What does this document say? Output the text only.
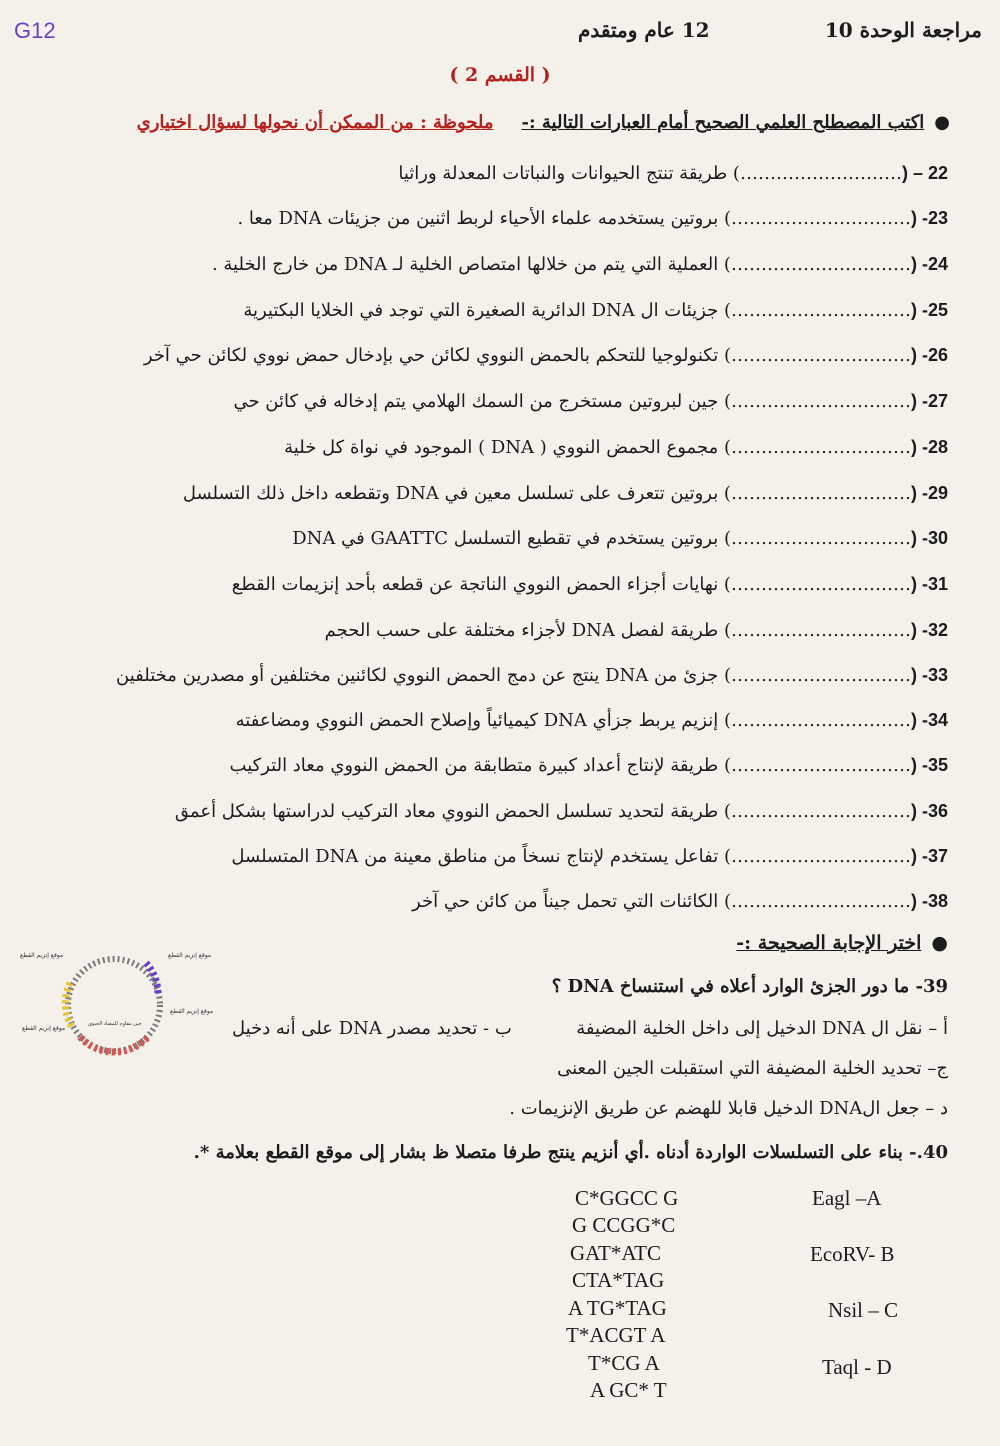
G12	12 عام ومتقدم	مراجعة الوحدة 10
( القسم 2 )
●اكتب المصطلح العلمي الصحيح أمام العبارات التالية :-ملحوظة : من الممكن أن نحولها لسؤال اختياري
22 – (………………………) طريقة تنتج الحيوانات والنباتات المعدلة وراثيا
23- (…………………………) بروتين يستخدمه علماء الأحياء لربط اثنين من جزيئات DNA معا .
24- (…………………………) العملية التي يتم من خلالها امتصاص الخلية لـ DNA من خارج الخلية .
25- (…………………………) جزيئات ال DNA الدائرية الصغيرة التي توجد في الخلايا البكتيرية
26- (…………………………) تكنولوجيا للتحكم بالحمض النووي لكائن حي بإدخال حمض نووي لكائن حي آخر
27- (…………………………) جين لبروتين مستخرج من السمك الهلامي يتم إدخاله في كائن حي
28- (…………………………) مجموع الحمض النووي ( DNA ) الموجود في نواة كل خلية
29- (…………………………) بروتين تتعرف على تسلسل معين في DNA وتقطعه داخل ذلك التسلسل
30- (…………………………) بروتين يستخدم في تقطيع التسلسل GAATTC في DNA
31- (…………………………) نهايات أجزاء الحمض النووي الناتجة عن قطعه بأحد إنزيمات القطع
32- (…………………………) طريقة لفصل DNA لأجزاء مختلفة على حسب الحجم
33- (…………………………) جزئ من DNA ينتج عن دمج الحمض النووي لكائنين مختلفين أو مصدرين مختلفين
34- (…………………………) إنزيم يربط جزأي DNA كيميائياً وإصلاح الحمض النووي ومضاعفته
35- (…………………………) طريقة لإنتاج أعداد كبيرة متطابقة من الحمض النووي معاد التركيب
36- (…………………………) طريقة لتحديد تسلسل الحمض النووي معاد التركيب لدراستها بشكل أعمق
37- (…………………………) تفاعل يستخدم لإنتاج نسخاً من مناطق معينة من DNA المتسلسل
38- (…………………………) الكائنات التي تحمل جيناً من كائن حي آخر
موقع إنزيم القطع
موقع إنزيم القطع
موقع إنزيم القطع
موقع إنزيم القطع
جين مقاوم للمضاد الحيوي
●اختر الإجابة الصحيحة :-
39- ما دور الجزئ الوارد أعلاه في استنساخ DNA ؟
أ – نقل ال DNA الدخيل إلى داخل الخلية المضيفة
ب - تحديد مصدر DNA على أنه دخيل
ج– تحديد الخلية المضيفة التي استقبلت الجين المعنى
د – جعل الDNA الدخيل قابلا للهضم عن طريق الإنزيمات .
40.- بناء على التسلسلات الواردة أدناه .أي أنزيم ينتج طرفا متصلا ظ بشار إلى موقع القطع بعلامة *.
Eagl –A
C*GGCC G
G CCGG*C
EcoRV- B
GAT*ATC
CTA*TAG
Nsil – C
A TG*TAG
T*ACGT A
Taql - D
T*CG A
A GC* T
